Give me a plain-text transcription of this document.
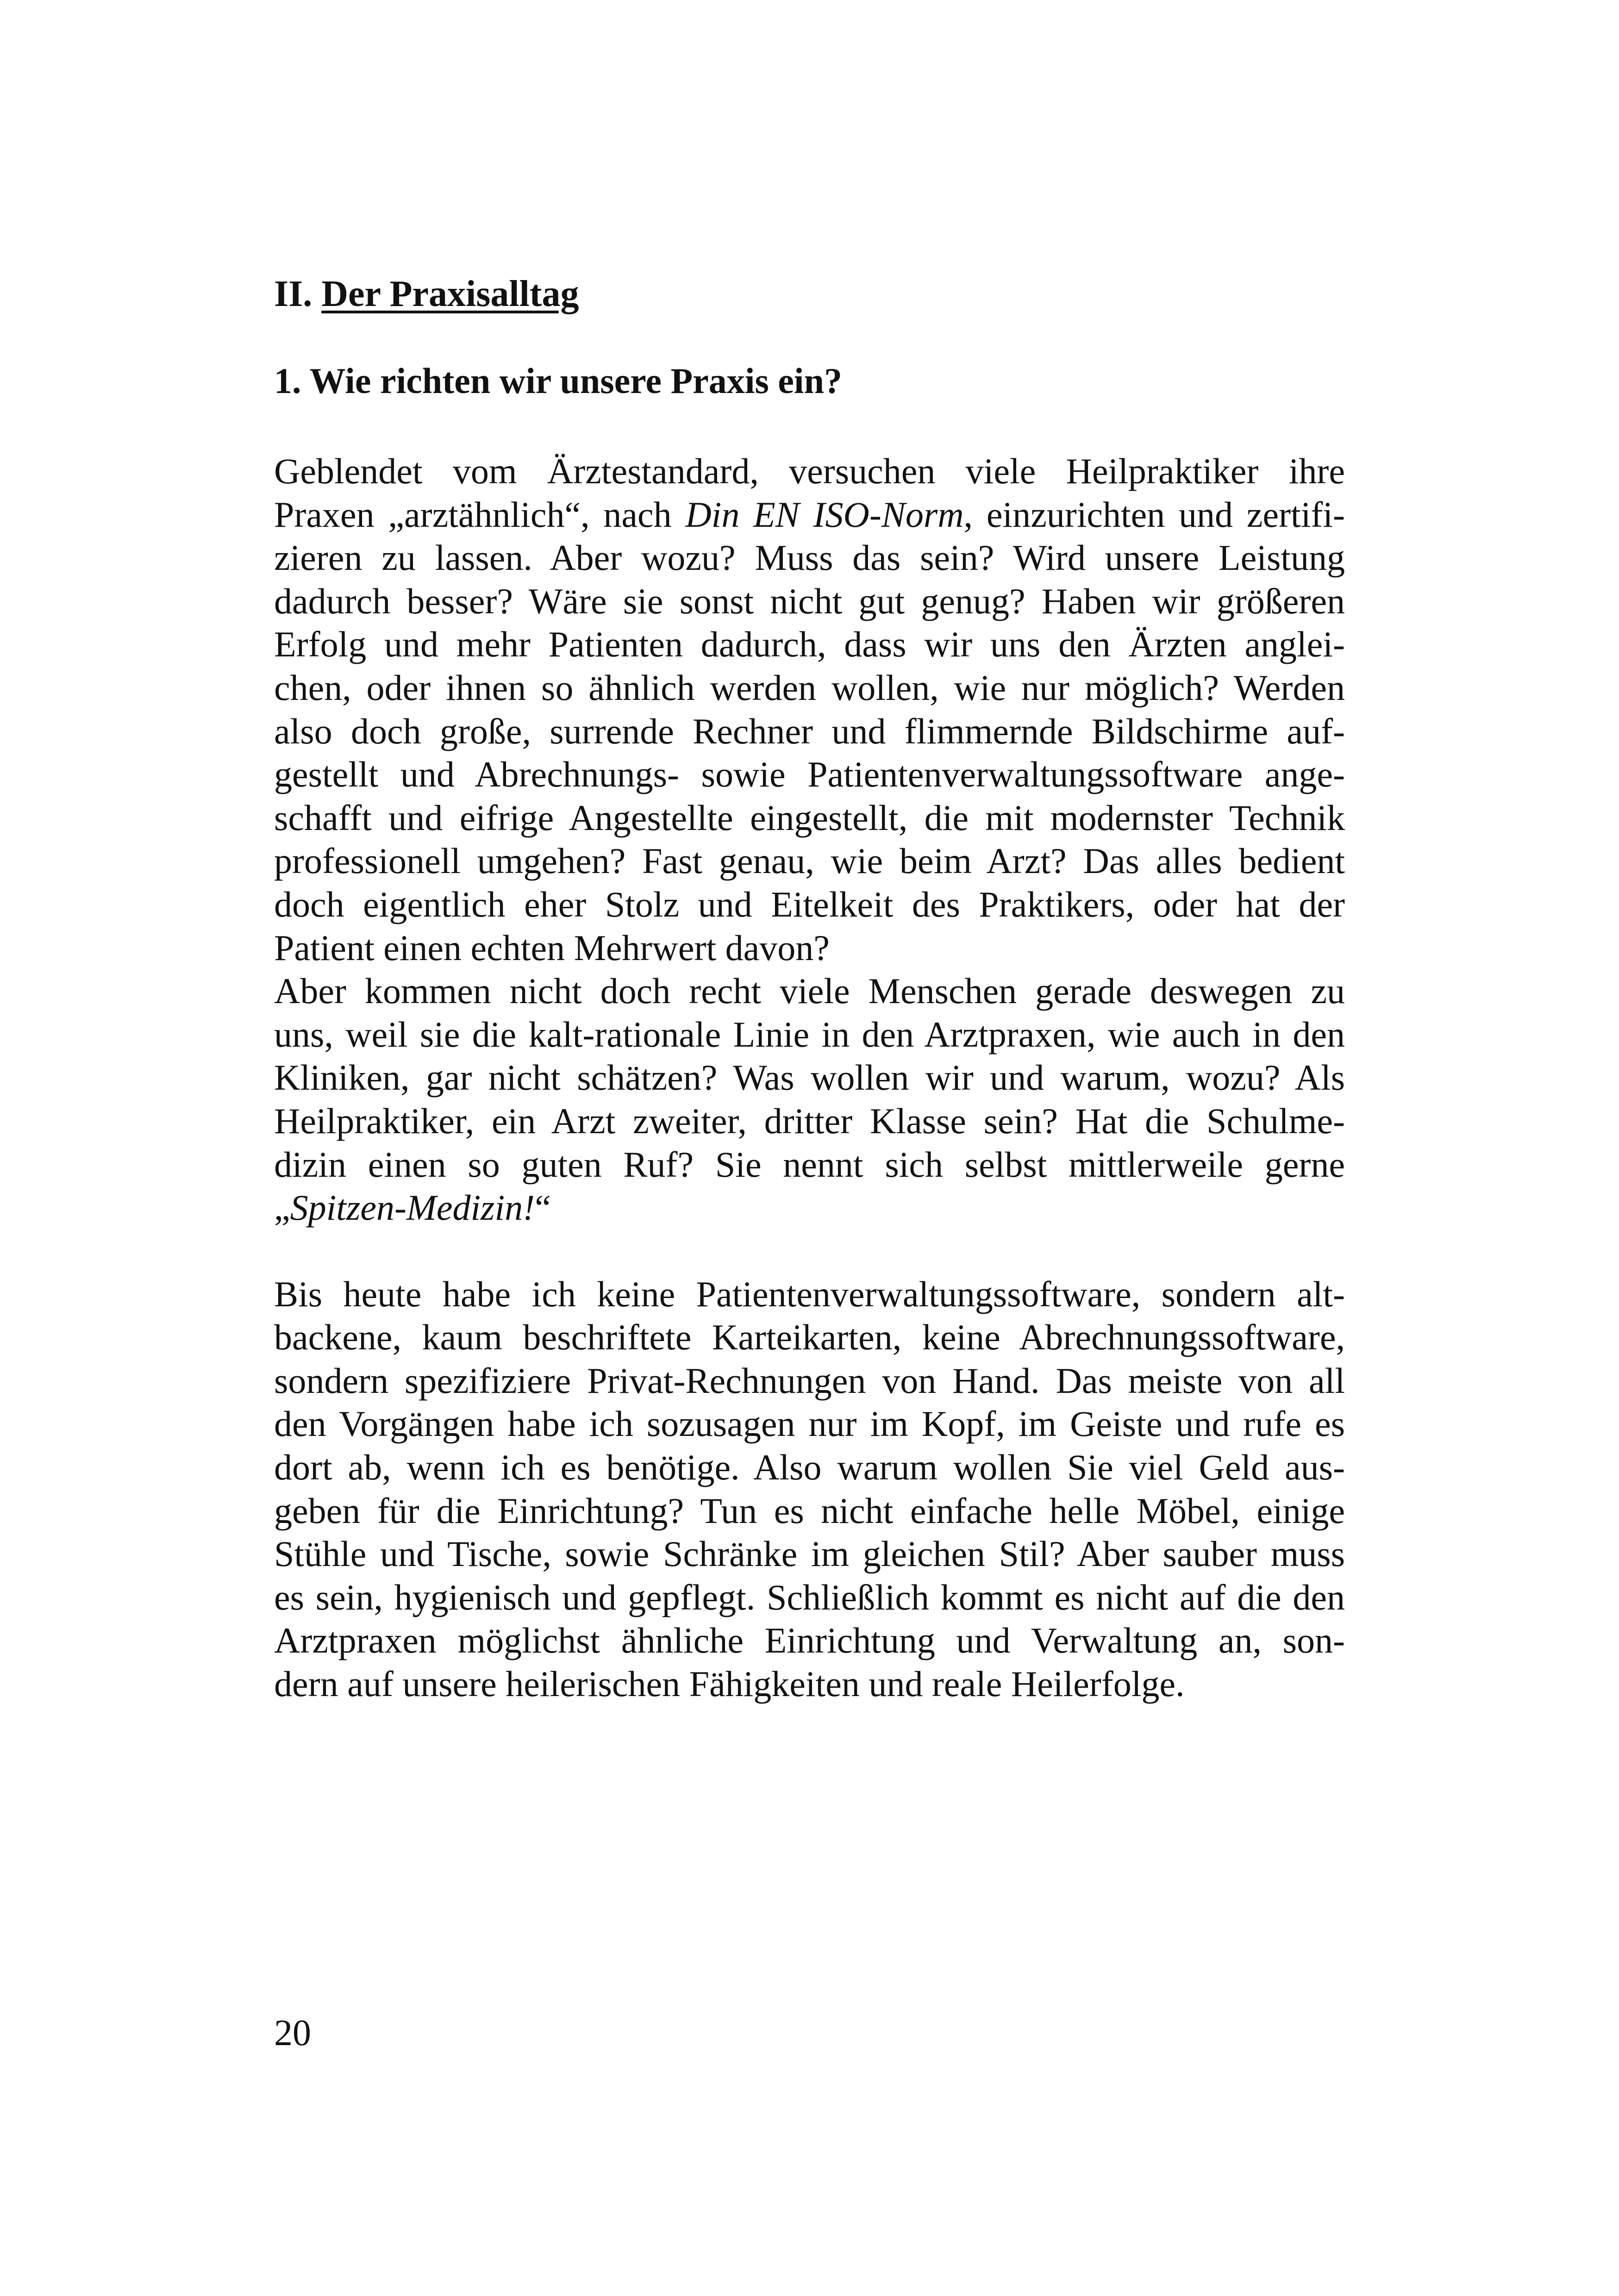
II. Der Praxisalltag
1. Wie richten wir unsere Praxis ein?
Geblendet vom Ärztestandard, versuchen viele Heilpraktiker ihre
Praxen „arztähnlich“, nach Din EN ISO-Norm, einzurichten und zertifi-
zieren zu lassen. Aber wozu? Muss das sein? Wird unsere Leistung
dadurch besser? Wäre sie sonst nicht gut genug? Haben wir größeren
Erfolg und mehr Patienten dadurch, dass wir uns den Ärzten anglei-
chen, oder ihnen so ähnlich werden wollen, wie nur möglich? Werden
also doch große, surrende Rechner und flimmernde Bildschirme auf-
gestellt und Abrechnungs- sowie Patientenverwaltungssoftware ange-
schafft und eifrige Angestellte eingestellt, die mit modernster Technik
professionell umgehen? Fast genau, wie beim Arzt? Das alles bedient
doch eigentlich eher Stolz und Eitelkeit des Praktikers, oder hat der
Patient einen echten Mehrwert davon?
Aber kommen nicht doch recht viele Menschen gerade deswegen zu
uns, weil sie die kalt-rationale Linie in den Arztpraxen, wie auch in den
Kliniken, gar nicht schätzen? Was wollen wir und warum, wozu? Als
Heilpraktiker, ein Arzt zweiter, dritter Klasse sein? Hat die Schulme-
dizin einen so guten Ruf? Sie nennt sich selbst mittlerweile gerne
„Spitzen-Medizin!“
Bis heute habe ich keine Patientenverwaltungssoftware, sondern alt-
backene, kaum beschriftete Karteikarten, keine Abrechnungssoftware,
sondern spezifiziere Privat-Rechnungen von Hand. Das meiste von all
den Vorgängen habe ich sozusagen nur im Kopf, im Geiste und rufe es
dort ab, wenn ich es benötige. Also warum wollen Sie viel Geld aus-
geben für die Einrichtung? Tun es nicht einfache helle Möbel, einige
Stühle und Tische, sowie Schränke im gleichen Stil? Aber sauber muss
es sein, hygienisch und gepflegt. Schließlich kommt es nicht auf die den
Arztpraxen möglichst ähnliche Einrichtung und Verwaltung an, son-
dern auf unsere heilerischen Fähigkeiten und reale Heilerfolge.
20
